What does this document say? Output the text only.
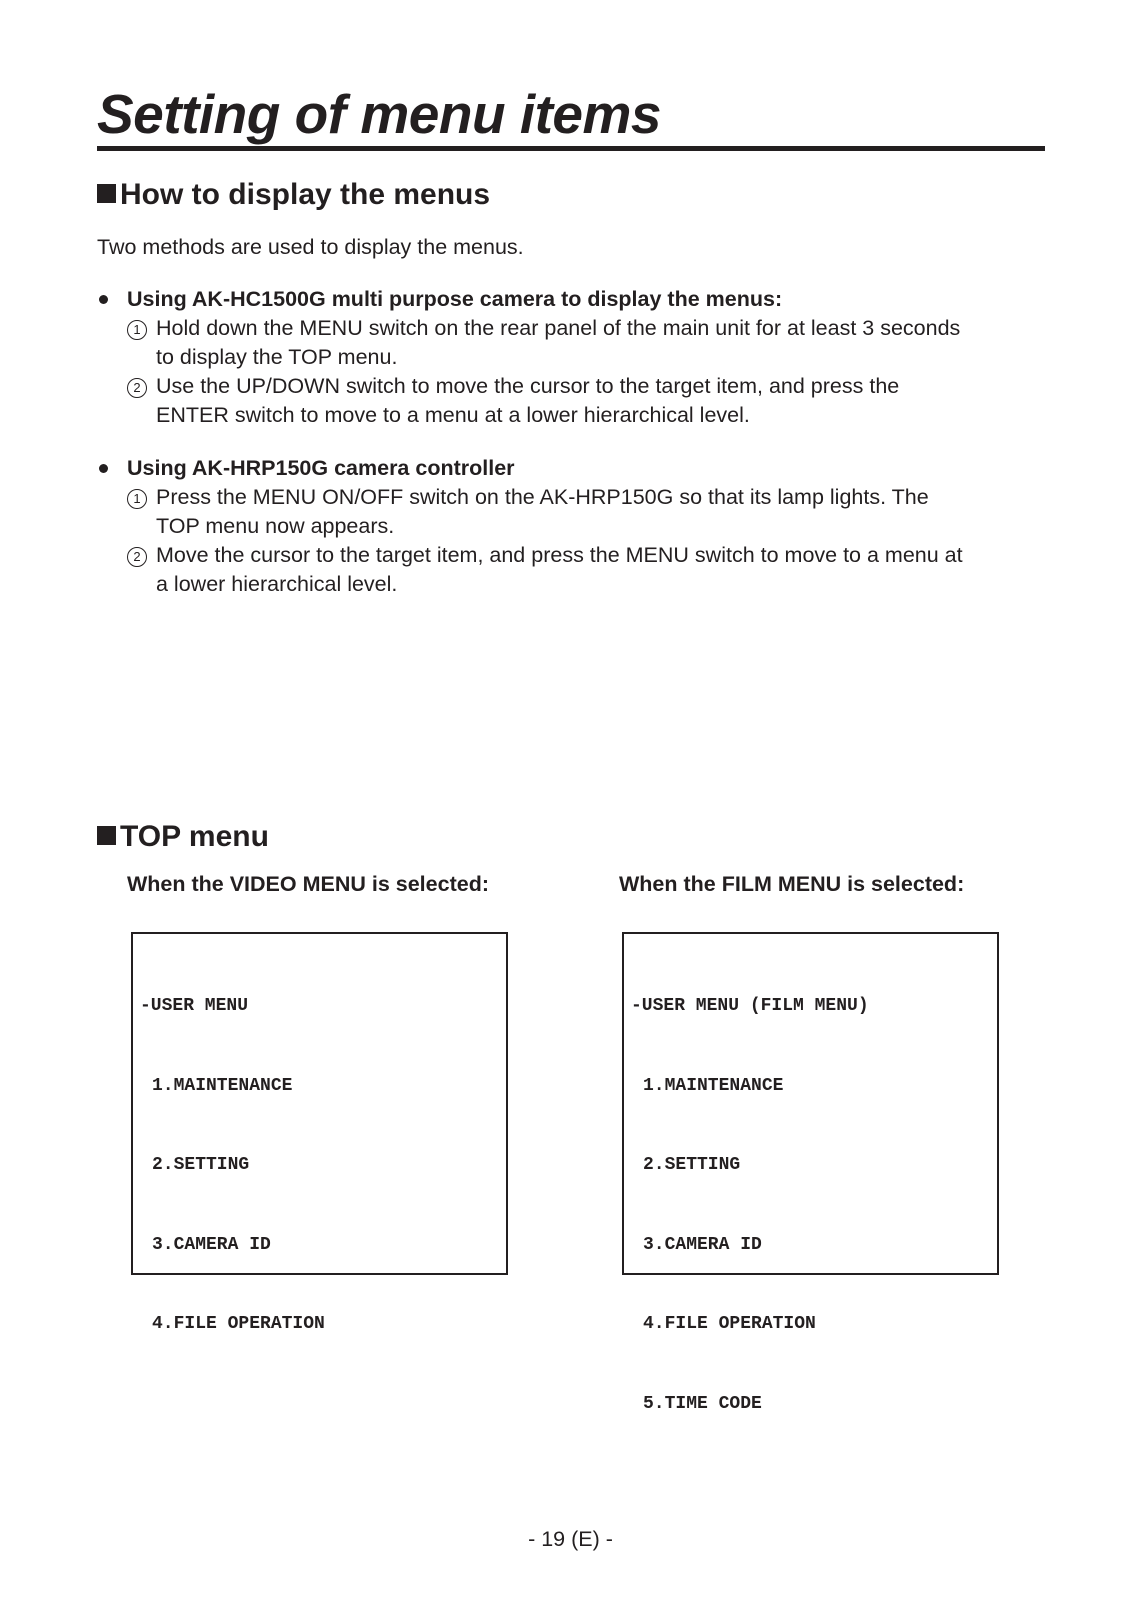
Setting of menu items
How to display the menus

Two methods are used to display the menus.

Using AK-HC1500G multi purpose camera to display the menus:
1 Hold down the MENU switch on the rear panel of the main unit for at least 3 seconds
to display the TOP menu.
2 Use the UP/DOWN switch to move the cursor to the target item, and press the
ENTER switch to move to a menu at a lower hierarchical level.
Using AK-HRP150G camera controller
1 Press the MENU ON/OFF switch on the AK-HRP150G so that its lamp lights. The
TOP menu now appears.
2 Move the cursor to the target item, and press the MENU switch to move to a menu at
a lower hierarchical level.
TOP menu

When the VIDEO MENU is selected:	When the FILM MENU is selected:

-USER MENU

1.MAINTENANCE

2.SETTING

3.CAMERA ID

4.FILE OPERATION

-USER MENU (FILM MENU)

1.MAINTENANCE

2.SETTING

3.CAMERA ID

4.FILE OPERATION

5.TIME CODE

- 19 (E) -
